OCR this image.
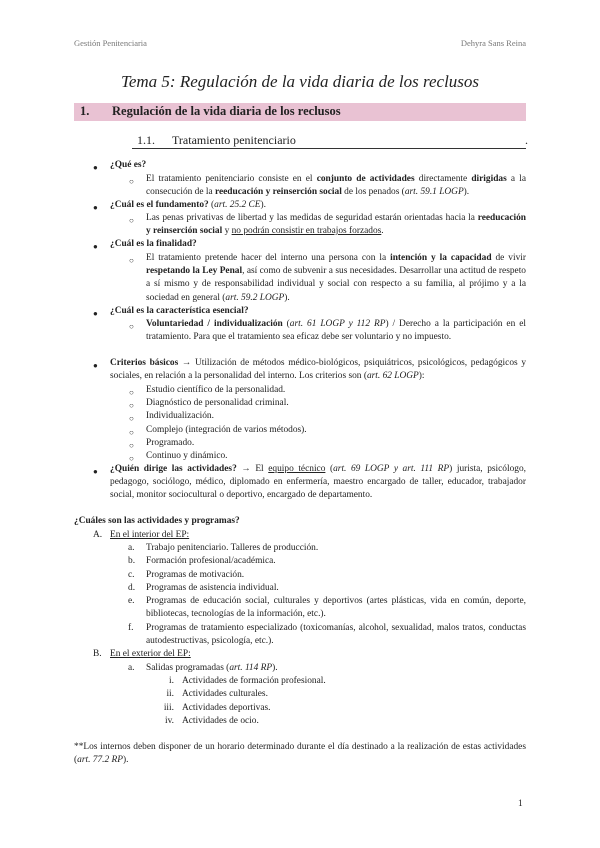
Gestión Penitenciaria	Dehyra Sans Reina
Tema 5: Regulación de la vida diaria de los reclusos
1. Regulación de la vida diaria de los reclusos
1.1. Tratamiento penitenciario	.
● ¿Qué es?
○ El tratamiento penitenciario consiste en el conjunto de actividades directamente dirigidas a la consecución de la reeducación y reinserción social de los penados (art. 59.1 LOGP).
● ¿Cuál es el fundamento? (art. 25.2 CE).
○ Las penas privativas de libertad y las medidas de seguridad estarán orientadas hacia la reeducación y reinserción social y no podrán consistir en trabajos forzados.
● ¿Cuál es la finalidad?
○ El tratamiento pretende hacer del interno una persona con la intención y la capacidad de vivir respetando la Ley Penal, así como de subvenir a sus necesidades. Desarrollar una actitud de respeto a sí mismo y de responsabilidad individual y social con respecto a su familia, al prójimo y a la sociedad en general (art. 59.2 LOGP).
● ¿Cuál es la característica esencial?
○ Voluntariedad / individualización (art. 61 LOGP y 112 RP) / Derecho a la participación en el tratamiento. Para que el tratamiento sea eficaz debe ser voluntario y no impuesto.
● Criterios básicos → Utilización de métodos médico-biológicos, psiquiátricos, psicológicos, pedagógicos y sociales, en relación a la personalidad del interno. Los criterios son (art. 62 LOGP):
○ Estudio científico de la personalidad.
○ Diagnóstico de personalidad criminal.
○ Individualización.
○ Complejo (integración de varios métodos).
○ Programado.
○ Continuo y dinámico.
● ¿Quién dirige las actividades? → El equipo técnico (art. 69 LOGP y art. 111 RP) jurista, psicólogo, pedagogo, sociólogo, médico, diplomado en enfermería, maestro encargado de taller, educador, trabajador social, monitor sociocultural o deportivo, encargado de departamento.
¿Cuáles son las actividades y programas?
A. En el interior del EP:
a. Trabajo penitenciario. Talleres de producción.
b. Formación profesional/académica.
c. Programas de motivación.
d. Programas de asistencia individual.
e. Programas de educación social, culturales y deportivos (artes plásticas, vida en común, deporte, bibliotecas, tecnologías de la información, etc.).
f. Programas de tratamiento especializado (toxicomanías, alcohol, sexualidad, malos tratos, conductas autodestructivas, psicología, etc.).
B. En el exterior del EP:
a. Salidas programadas (art. 114 RP).
i. Actividades de formación profesional.
ii. Actividades culturales.
iii. Actividades deportivas.
iv. Actividades de ocio.
**Los internos deben disponer de un horario determinado durante el día destinado a la realización de estas actividades (art. 77.2 RP).
1
